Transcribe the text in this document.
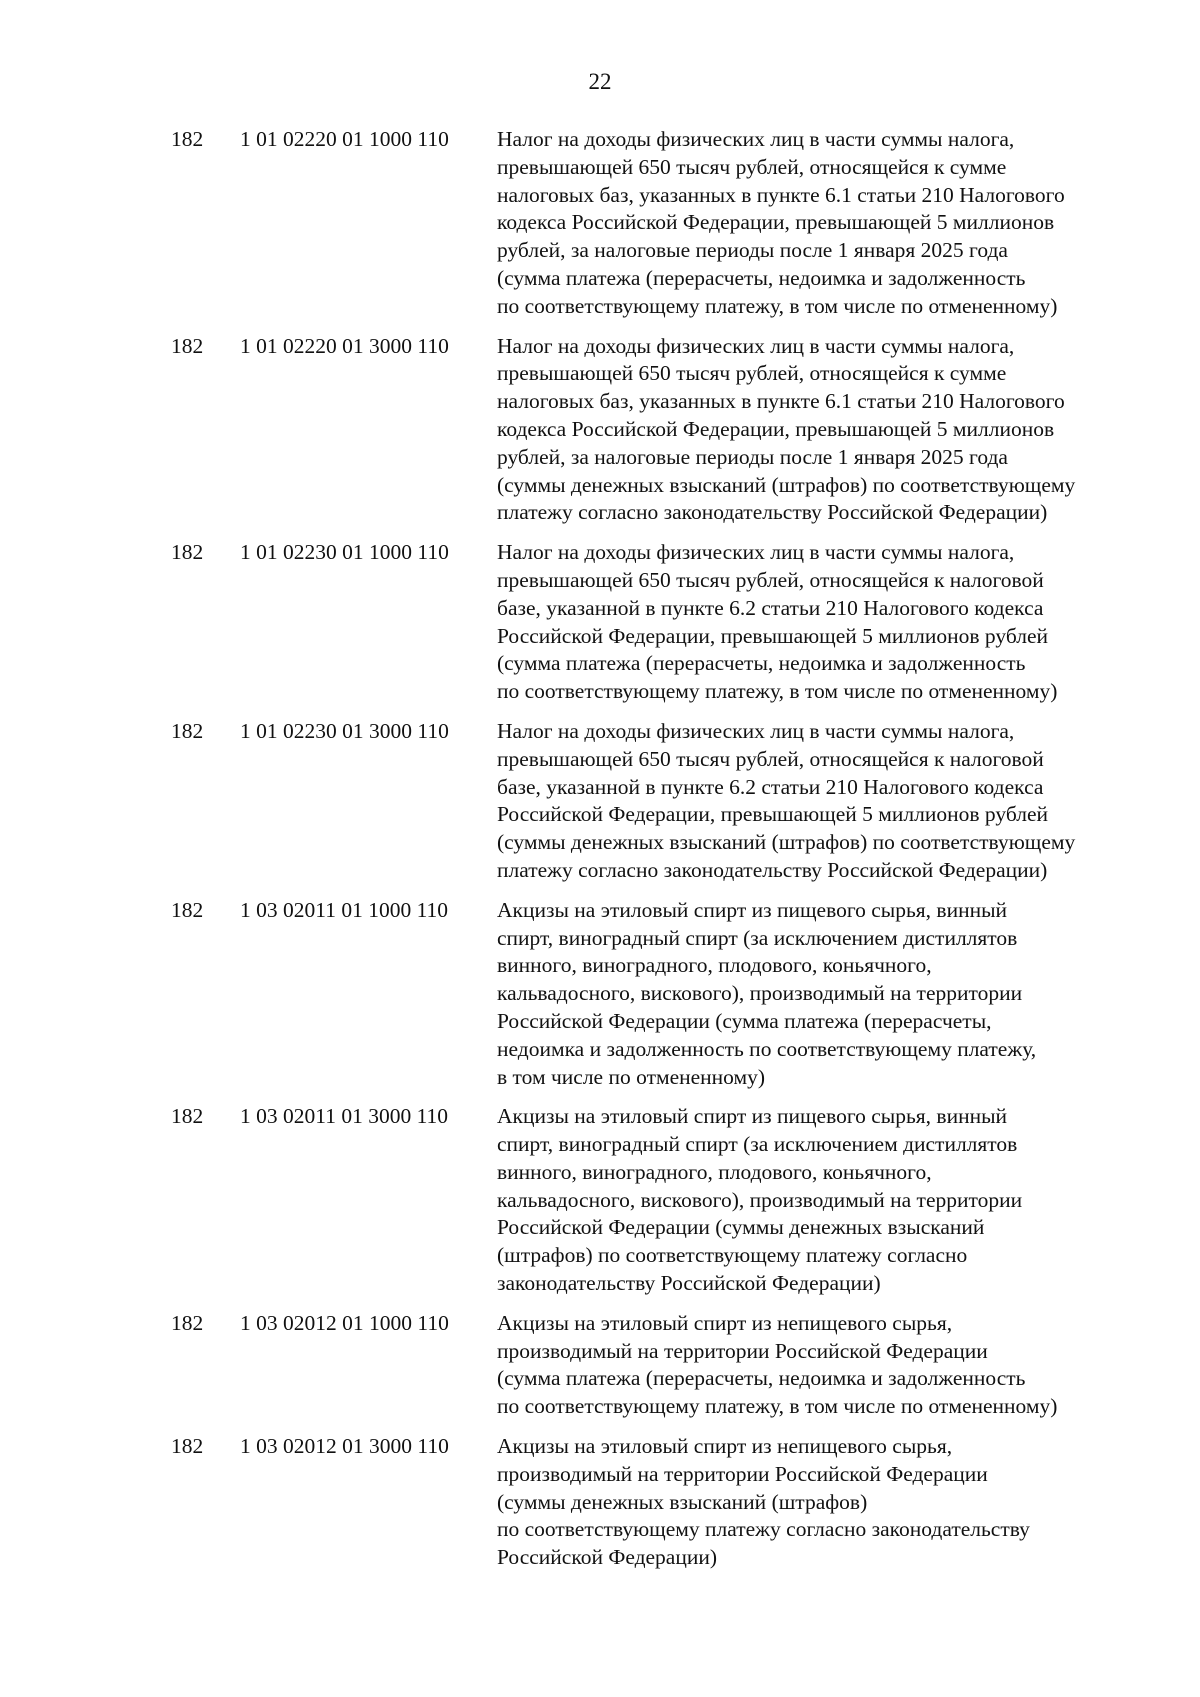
22
182 1 01 02220 01 1000 110 Налог на доходы физических лиц в части суммы налога,
превышающей 650 тысяч рублей, относящейся к сумме
налоговых баз, указанных в пункте 6.1 статьи 210 Налогового
кодекса Российской Федерации, превышающей 5 миллионов
рублей, за налоговые периоды после 1 января 2025 года
(сумма платежа (перерасчеты, недоимка и задолженность
по соответствующему платежу, в том числе по отмененному)
182 1 01 02220 01 3000 110 Налог на доходы физических лиц в части суммы налога,
превышающей 650 тысяч рублей, относящейся к сумме
налоговых баз, указанных в пункте 6.1 статьи 210 Налогового
кодекса Российской Федерации, превышающей 5 миллионов
рублей, за налоговые периоды после 1 января 2025 года
(суммы денежных взысканий (штрафов) по соответствующему
платежу согласно законодательству Российской Федерации)
182 1 01 02230 01 1000 110 Налог на доходы физических лиц в части суммы налога,
превышающей 650 тысяч рублей, относящейся к налоговой
базе, указанной в пункте 6.2 статьи 210 Налогового кодекса
Российской Федерации, превышающей 5 миллионов рублей
(сумма платежа (перерасчеты, недоимка и задолженность
по соответствующему платежу, в том числе по отмененному)
182 1 01 02230 01 3000 110 Налог на доходы физических лиц в части суммы налога,
превышающей 650 тысяч рублей, относящейся к налоговой
базе, указанной в пункте 6.2 статьи 210 Налогового кодекса
Российской Федерации, превышающей 5 миллионов рублей
(суммы денежных взысканий (штрафов) по соответствующему
платежу согласно законодательству Российской Федерации)
182 1 03 02011 01 1000 110 Акцизы на этиловый спирт из пищевого сырья, винный
спирт, виноградный спирт (за исключением дистиллятов
винного, виноградного, плодового, коньячного,
кальвадосного, вискового), производимый на территории
Российской Федерации (сумма платежа (перерасчеты,
недоимка и задолженность по соответствующему платежу,
в том числе по отмененному)
182 1 03 02011 01 3000 110 Акцизы на этиловый спирт из пищевого сырья, винный
спирт, виноградный спирт (за исключением дистиллятов
винного, виноградного, плодового, коньячного,
кальвадосного, вискового), производимый на территории
Российской Федерации (суммы денежных взысканий
(штрафов) по соответствующему платежу согласно
законодательству Российской Федерации)
182 1 03 02012 01 1000 110 Акцизы на этиловый спирт из непищевого сырья,
производимый на территории Российской Федерации
(сумма платежа (перерасчеты, недоимка и задолженность
по соответствующему платежу, в том числе по отмененному)
182 1 03 02012 01 3000 110 Акцизы на этиловый спирт из непищевого сырья,
производимый на территории Российской Федерации
(суммы денежных взысканий (штрафов)
по соответствующему платежу согласно законодательству
Российской Федерации)
